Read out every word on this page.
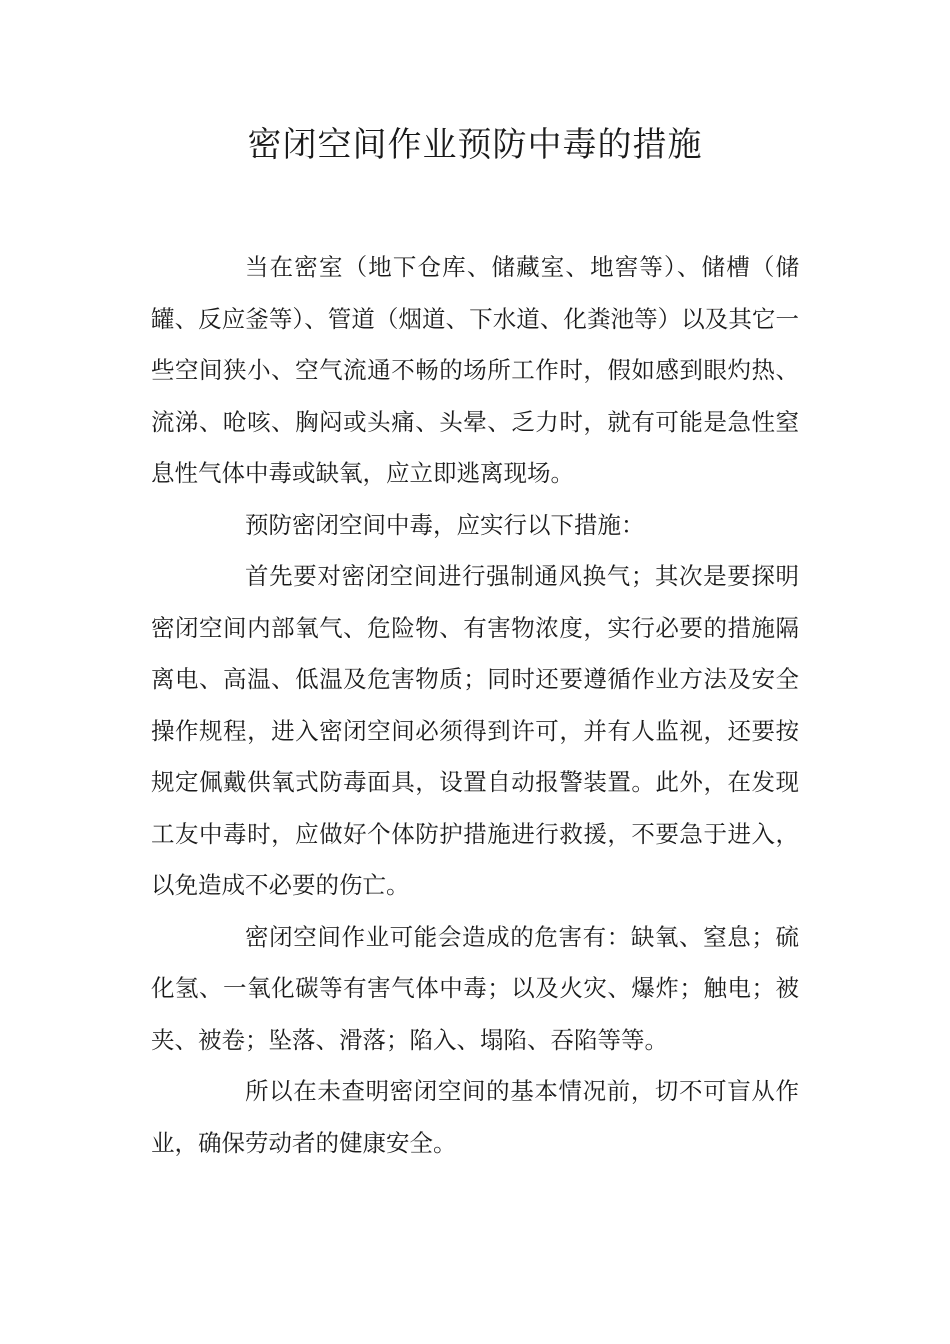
密闭空间作业预防中毒的措施

当在密室（地下仓库、储藏室、地窖等）、储槽（储罐、反应釜等）、管道（烟道、下水道、化粪池等）以及其它一些空间狭小、空气流通不畅的场所工作时，假如感到眼灼热、流涕、呛咳、胸闷或头痛、头晕、乏力时，就有可能是急性窒息性气体中毒或缺氧，应立即逃离现场。

预防密闭空间中毒，应实行以下措施：

首先要对密闭空间进行强制通风换气；其次是要探明密闭空间内部氧气、危险物、有害物浓度，实行必要的措施隔离电、高温、低温及危害物质；同时还要遵循作业方法及安全操作规程，进入密闭空间必须得到许可，并有人监视，还要按规定佩戴供氧式防毒面具，设置自动报警装置。此外，在发现工友中毒时，应做好个体防护措施进行救援，不要急于进入，以免造成不必要的伤亡。

密闭空间作业可能会造成的危害有：缺氧、窒息；硫化氢、一氧化碳等有害气体中毒；以及火灾、爆炸；触电；被夹、被卷；坠落、滑落；陷入、塌陷、吞陷等等。

所以在未查明密闭空间的基本情况前，切不可盲从作业，确保劳动者的健康安全。
